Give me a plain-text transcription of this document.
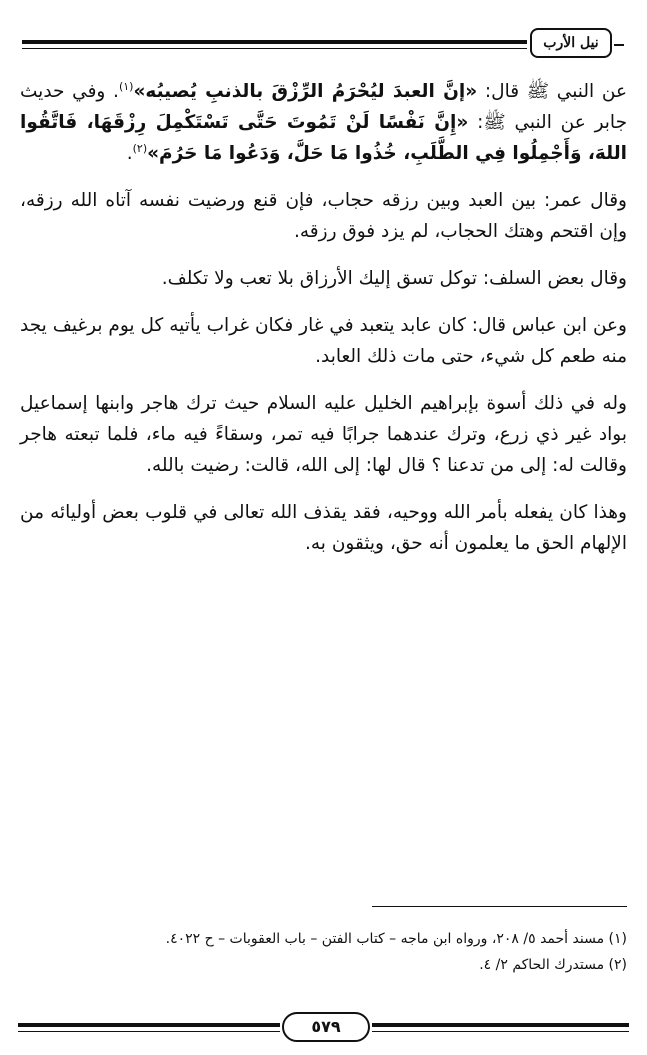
نيل الأرب

عن النبي ﷺ قال: «إنَّ العبدَ ليُحْرَمُ الرِّزْقَ بالذنبِ يُصيبُه»$^{(١)}$. وفي حديث جابر عن النبي ﷺ: «إِنَّ نَفْسًا لَنْ تَمُوتَ حَتَّى تَسْتَكْمِلَ رِزْقَهَا، فَاتَّقُوا اللهَ، وَأَجْمِلُوا فِي الطَّلَبِ، خُذُوا مَا حَلَّ، وَدَعُوا مَا حَرُمَ»$^{(٢)}$.

وقال عمر: بين العبد وبين رزقه حجاب، فإن قنع ورضيت نفسه آتاه الله رزقه، وإن اقتحم وهتك الحجاب، لم يزد فوق رزقه.

وقال بعض السلف: توكل تسق إليك الأرزاق بلا تعب ولا تكلف.

وعن ابن عباس قال: كان عابد يتعبد في غار فكان غراب يأتيه كل يوم برغيف يجد منه طعم كل شيء، حتى مات ذلك العابد.

وله في ذلك أسوة بإبراهيم الخليل عليه السلام حيث ترك هاجر وابنها إسماعيل بواد غير ذي زرع، وترك عندهما جرابًا فيه تمر، وسقاءً فيه ماء، فلما تبعته هاجر وقالت له: إلى من تدعنا ؟ قال لها: إلى الله، قالت: رضيت بالله.

وهذا كان يفعله بأمر الله ووحيه، فقد يقذف الله تعالى في قلوب بعض أوليائه من الإلهام الحق ما يعلمون أنه حق، ويثقون به.

(١) مسند أحمد ٥/ ٢٠٨، ورواه ابن ماجه – كتاب الفتن – باب العقوبات – ح ٤٠٢٢.
(٢) مستدرك الحاكم ٢/ ٤.
٥٧٩
